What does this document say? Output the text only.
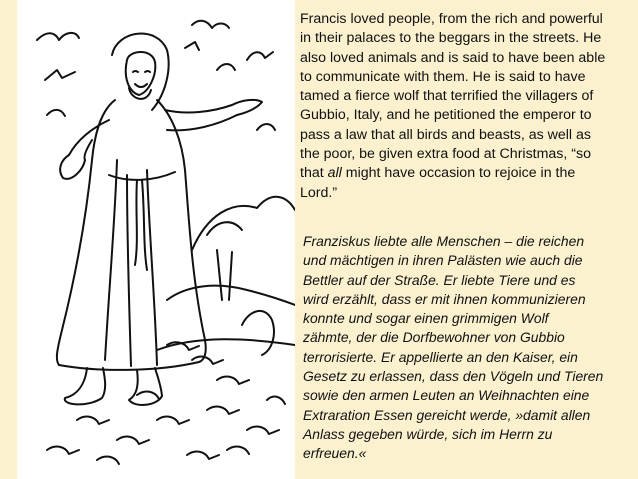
Francis loved people, from the rich and powerful
in their palaces to the beggars in the streets. He
also loved animals and is said to have been able
to communicate with them. He is said to have
tamed a fierce wolf that terrified the villagers of
Gubbio, Italy, and he petitioned the emperor to
pass a law that all birds and beasts, as well as
the poor, be given extra food at Christmas, “so
that all might have occasion to rejoice in the
Lord.”
Franziskus liebte alle Menschen – die reichen
und mächtigen in ihren Palästen wie auch die
Bettler auf der Straße. Er liebte Tiere und es
wird erzählt, dass er mit ihnen kommunizieren
konnte und sogar einen grimmigen Wolf
zähmte, der die Dorfbewohner von Gubbio
terrorisierte. Er appellierte an den Kaiser, ein
Gesetz zu erlassen, dass den Vögeln und Tieren
sowie den armen Leuten an Weihnachten eine
Extraration Essen gereicht werde, »damit allen
Anlass gegeben würde, sich im Herrn zu
erfreuen.«
